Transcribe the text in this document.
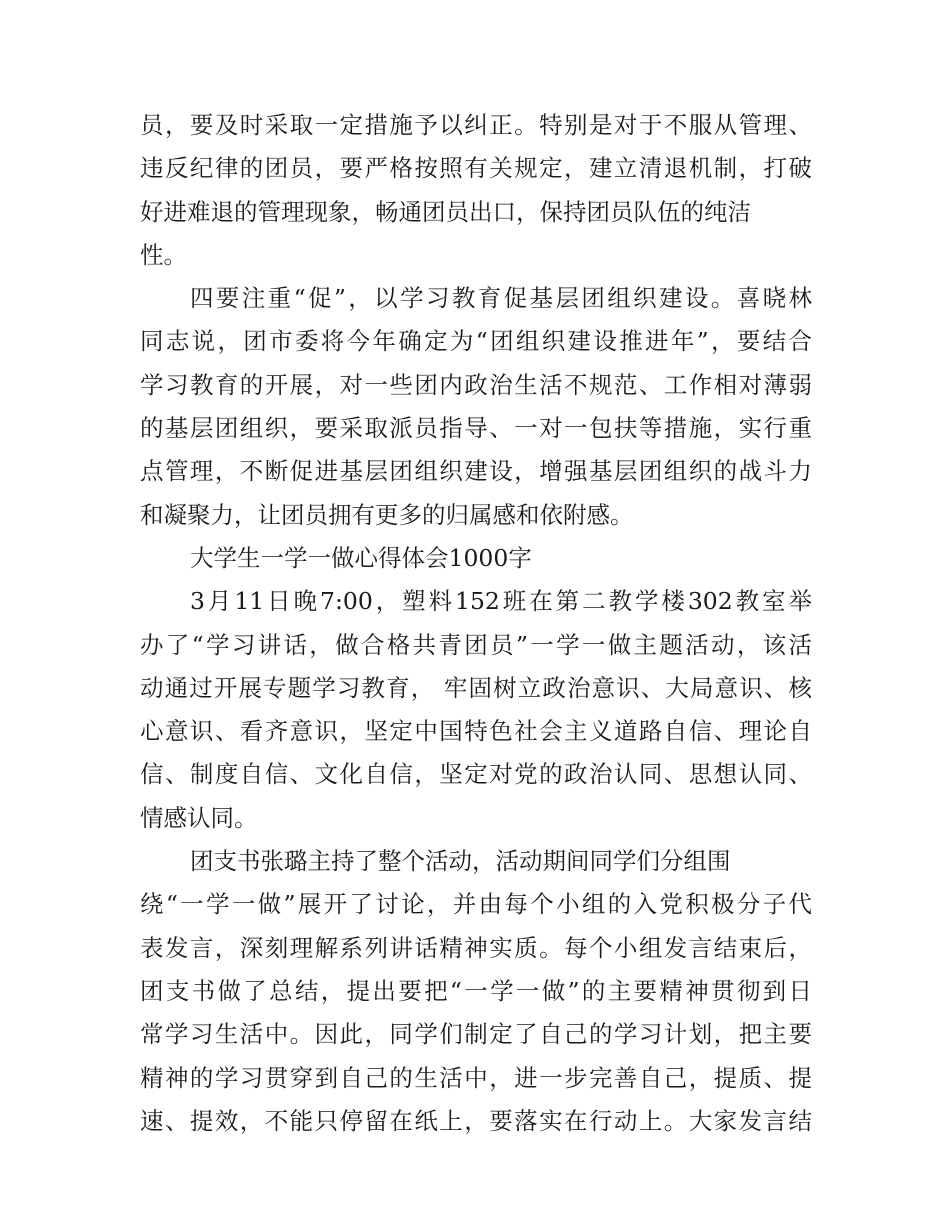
员，要及时采取一定措施予以纠正。特别是对于不服从管理、
违反纪律的团员，要严格按照有关规定，建立清退机制，打破
好进难退的管理现象，畅通团员出口，保持团员队伍的纯洁
性。
四要注重“促”，以学习教育促基层团组织建设。喜晓林
同志说，团市委将今年确定为“团组织建设推进年”，要结合
学习教育的开展，对一些团内政治生活不规范、工作相对薄弱
的基层团组织，要采取派员指导、一对一包扶等措施，实行重
点管理，不断促进基层团组织建设，增强基层团组织的战斗力
和凝聚力，让团员拥有更多的归属感和依附感。
大学生一学一做心得体会1000字
3月11日晚7:00，塑料152班在第二教学楼302教室举
办了“学习讲话，做合格共青团员”一学一做主题活动，该活
动通过开展专题学习教育， 牢固树立政治意识、大局意识、核
心意识、看齐意识，坚定中国特色社会主义道路自信、理论自
信、制度自信、文化自信，坚定对党的政治认同、思想认同、
情感认同。
团支书张璐主持了整个活动，活动期间同学们分组围
绕“一学一做”展开了讨论，并由每个小组的入党积极分子代
表发言，深刻理解系列讲话精神实质。每个小组发言结束后，
团支书做了总结，提出要把“一学一做”的主要精神贯彻到日
常学习生活中。因此，同学们制定了自己的学习计划，把主要
精神的学习贯穿到自己的生活中，进一步完善自己，提质、提
速、提效，不能只停留在纸上，要落实在行动上。大家发言结
